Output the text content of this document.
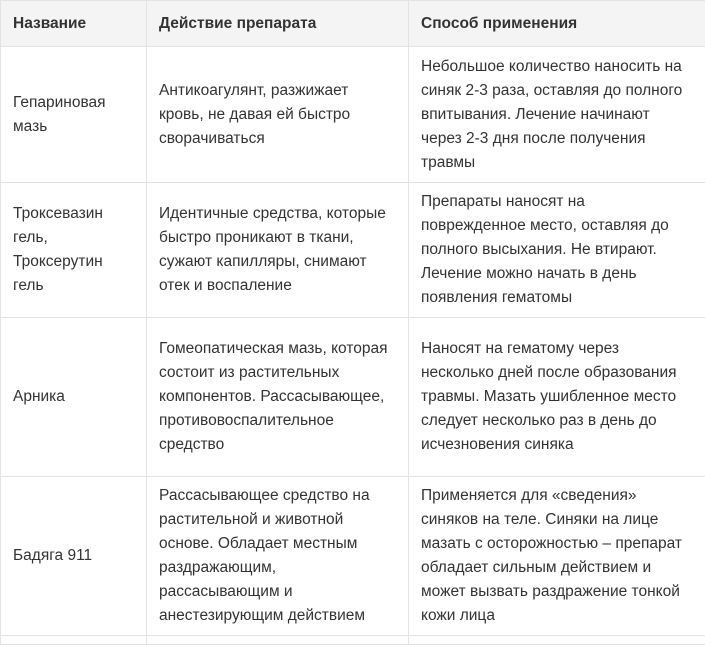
Название	Действие препарата	Способ применения
Гепариновая мазь	Антикоагулянт, разжижает кровь, не давая ей быстро сворачиваться	Небольшое количество наносить на синяк 2-3 раза, оставляя до полного впитывания. Лечение начинают через 2-3 дня после получения травмы
Троксевазин гель, Троксерутин гель	Идентичные средства, которые быстро проникают в ткани, сужают капилляры, снимают отек и воспаление	Препараты наносят на поврежденное место, оставляя до полного высыхания. Не втирают. Лечение можно начать в день появления гематомы
Арника	Гомеопатическая мазь, которая состоит из растительных компонентов. Рассасывающее, противовоспалительное средство	Наносят на гематому через несколько дней после образования травмы. Мазать ушибленное место следует несколько раз в день до исчезновения синяка
Бадяга 911	Рассасывающее средство на растительной и животной основе. Обладает местным раздражающим, рассасывающим и анестезирующим действием	Применяется для «сведения» синяков на теле. Синяки на лице мазать с осторожностью – препарат обладает сильным действием и может вызвать раздражение тонкой кожи лица
